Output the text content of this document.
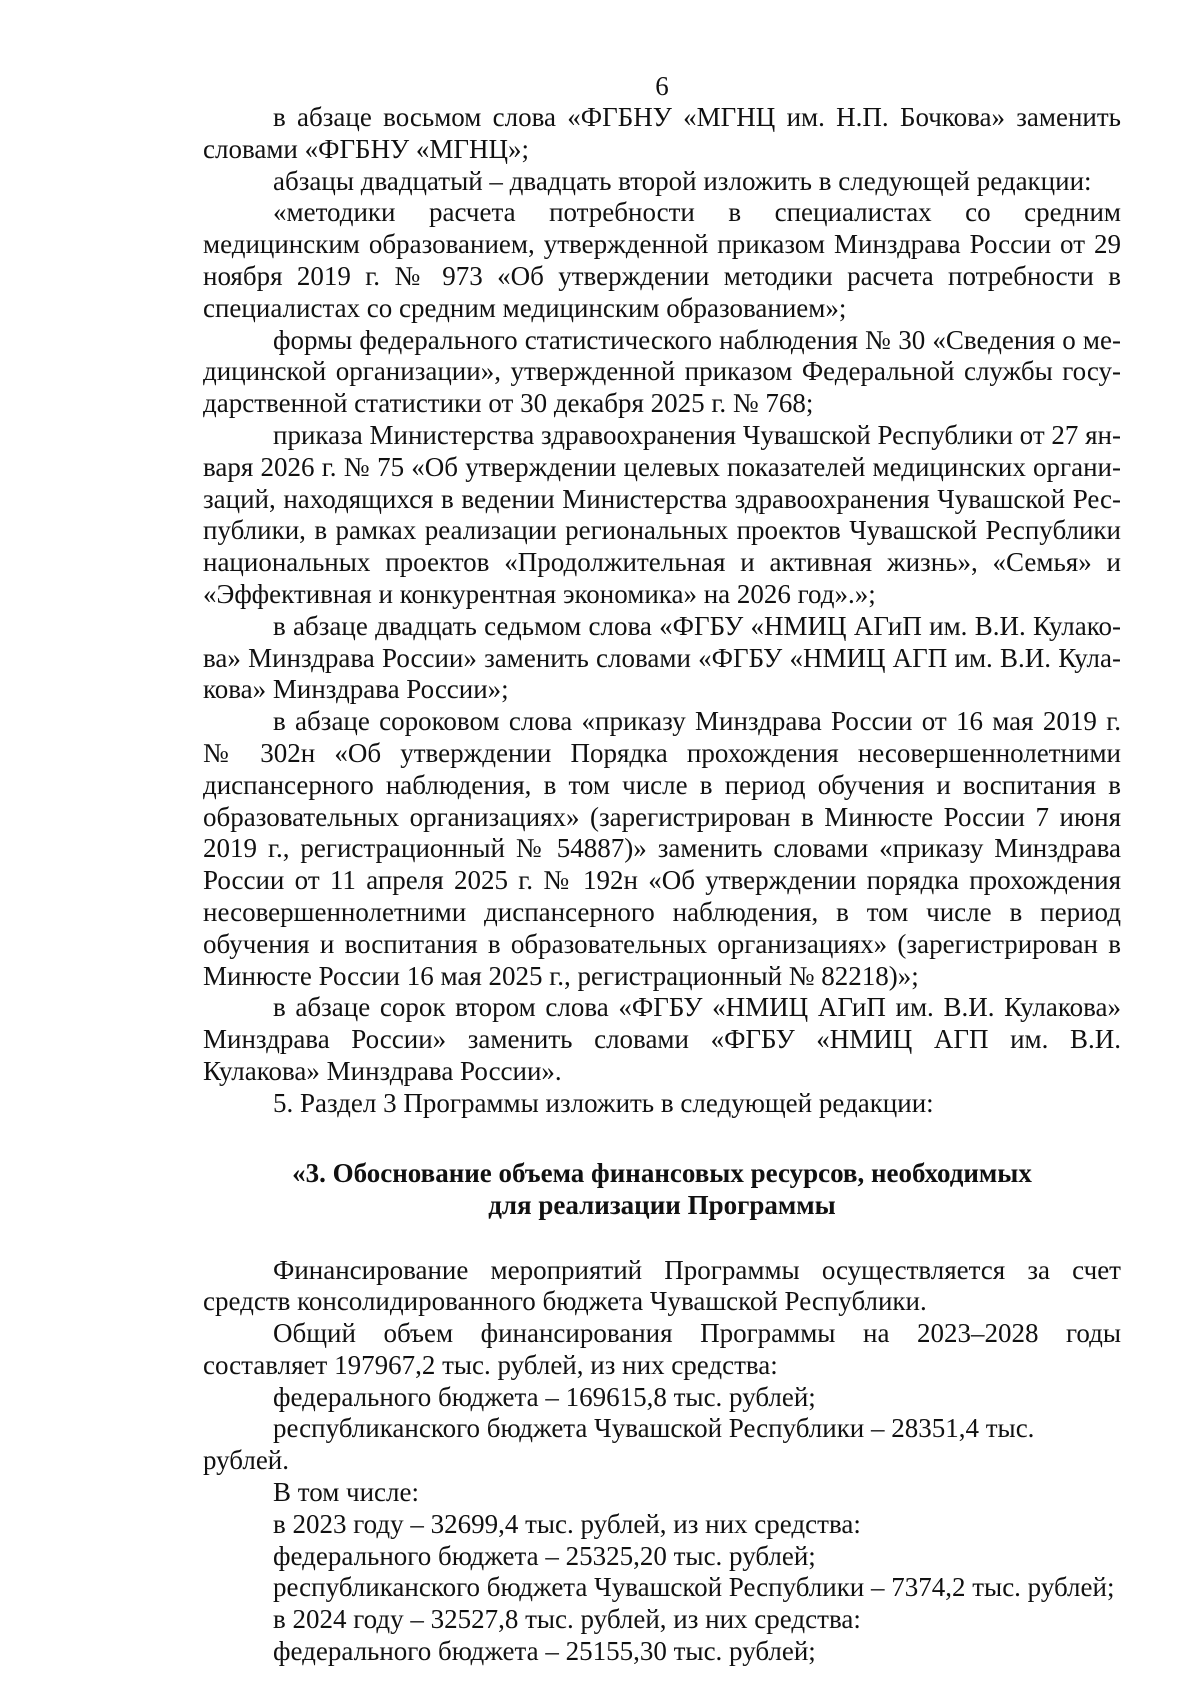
6

в абзаце восьмом слова «ФГБНУ «МГНЦ им. Н.П. Бочкова» заменить словами «ФГБНУ «МГНЦ»;

абзацы двадцатый – двадцать второй изложить в следующей редакции:

«методики расчета потребности в специалистах со средним медицинским образованием, утвержденной приказом Минздрава России от 29 ноября 2019 г. № 973 «Об утверждении методики расчета потребности в специалистах со средним медицинским образованием»;

формы федерального статистического наблюдения № 30 «Сведения о медицинской организации», утвержденной приказом Федеральной службы государственной статистики от 30 декабря 2025 г. № 768;

приказа Министерства здравоохранения Чувашской Республики от 27 января 2026 г. № 75 «Об утверждении целевых показателей медицинских организаций, находящихся в ведении Министерства здравоохранения Чувашской Республики, в рамках реализации региональных проектов Чувашской Республики национальных проектов «Продолжительная и активная жизнь», «Семья» и «Эффективная и конкурентная экономика» на 2026 год».»;

в абзаце двадцать седьмом слова «ФГБУ «НМИЦ АГиП им. В.И. Кулакова» Минздрава России» заменить словами «ФГБУ «НМИЦ АГП им. В.И. Кулакова» Минздрава России»;

в абзаце сороковом слова «приказу Минздрава России от 16 мая 2019 г. № 302н «Об утверждении Порядка прохождения несовершеннолетними диспансерного наблюдения, в том числе в период обучения и воспитания в образовательных организациях» (зарегистрирован в Минюсте России 7 июня 2019 г., регистрационный № 54887)» заменить словами «приказу Минздрава России от 11 апреля 2025 г. № 192н «Об утверждении порядка прохождения несовершеннолетними диспансерного наблюдения, в том числе в период обучения и воспитания в образовательных организациях» (зарегистрирован в Минюсте России 16 мая 2025 г., регистрационный № 82218)»;

в абзаце сорок втором слова «ФГБУ «НМИЦ АГиП им. В.И. Кулакова» Минздрава России» заменить словами «ФГБУ «НМИЦ АГП им. В.И. Кулакова» Минздрава России».

5. Раздел 3 Программы изложить в следующей редакции:

«3. Обоснование объема финансовых ресурсов, необходимых
для реализации Программы

Финансирование мероприятий Программы осуществляется за счет средств консолидированного бюджета Чувашской Республики.

Общий объем финансирования Программы на 2023–2028 годы составляет 197967,2 тыс. рублей, из них средства:

федерального бюджета – 169615,8 тыс. рублей;

республиканского бюджета Чувашской Республики – 28351,4 тыс. рублей.

В том числе:

в 2023 году – 32699,4 тыс. рублей, из них средства:

федерального бюджета – 25325,20 тыс. рублей;

республиканского бюджета Чувашской Республики – 7374,2 тыс. рублей;

в 2024 году – 32527,8 тыс. рублей, из них средства:

федерального бюджета – 25155,30 тыс. рублей;
